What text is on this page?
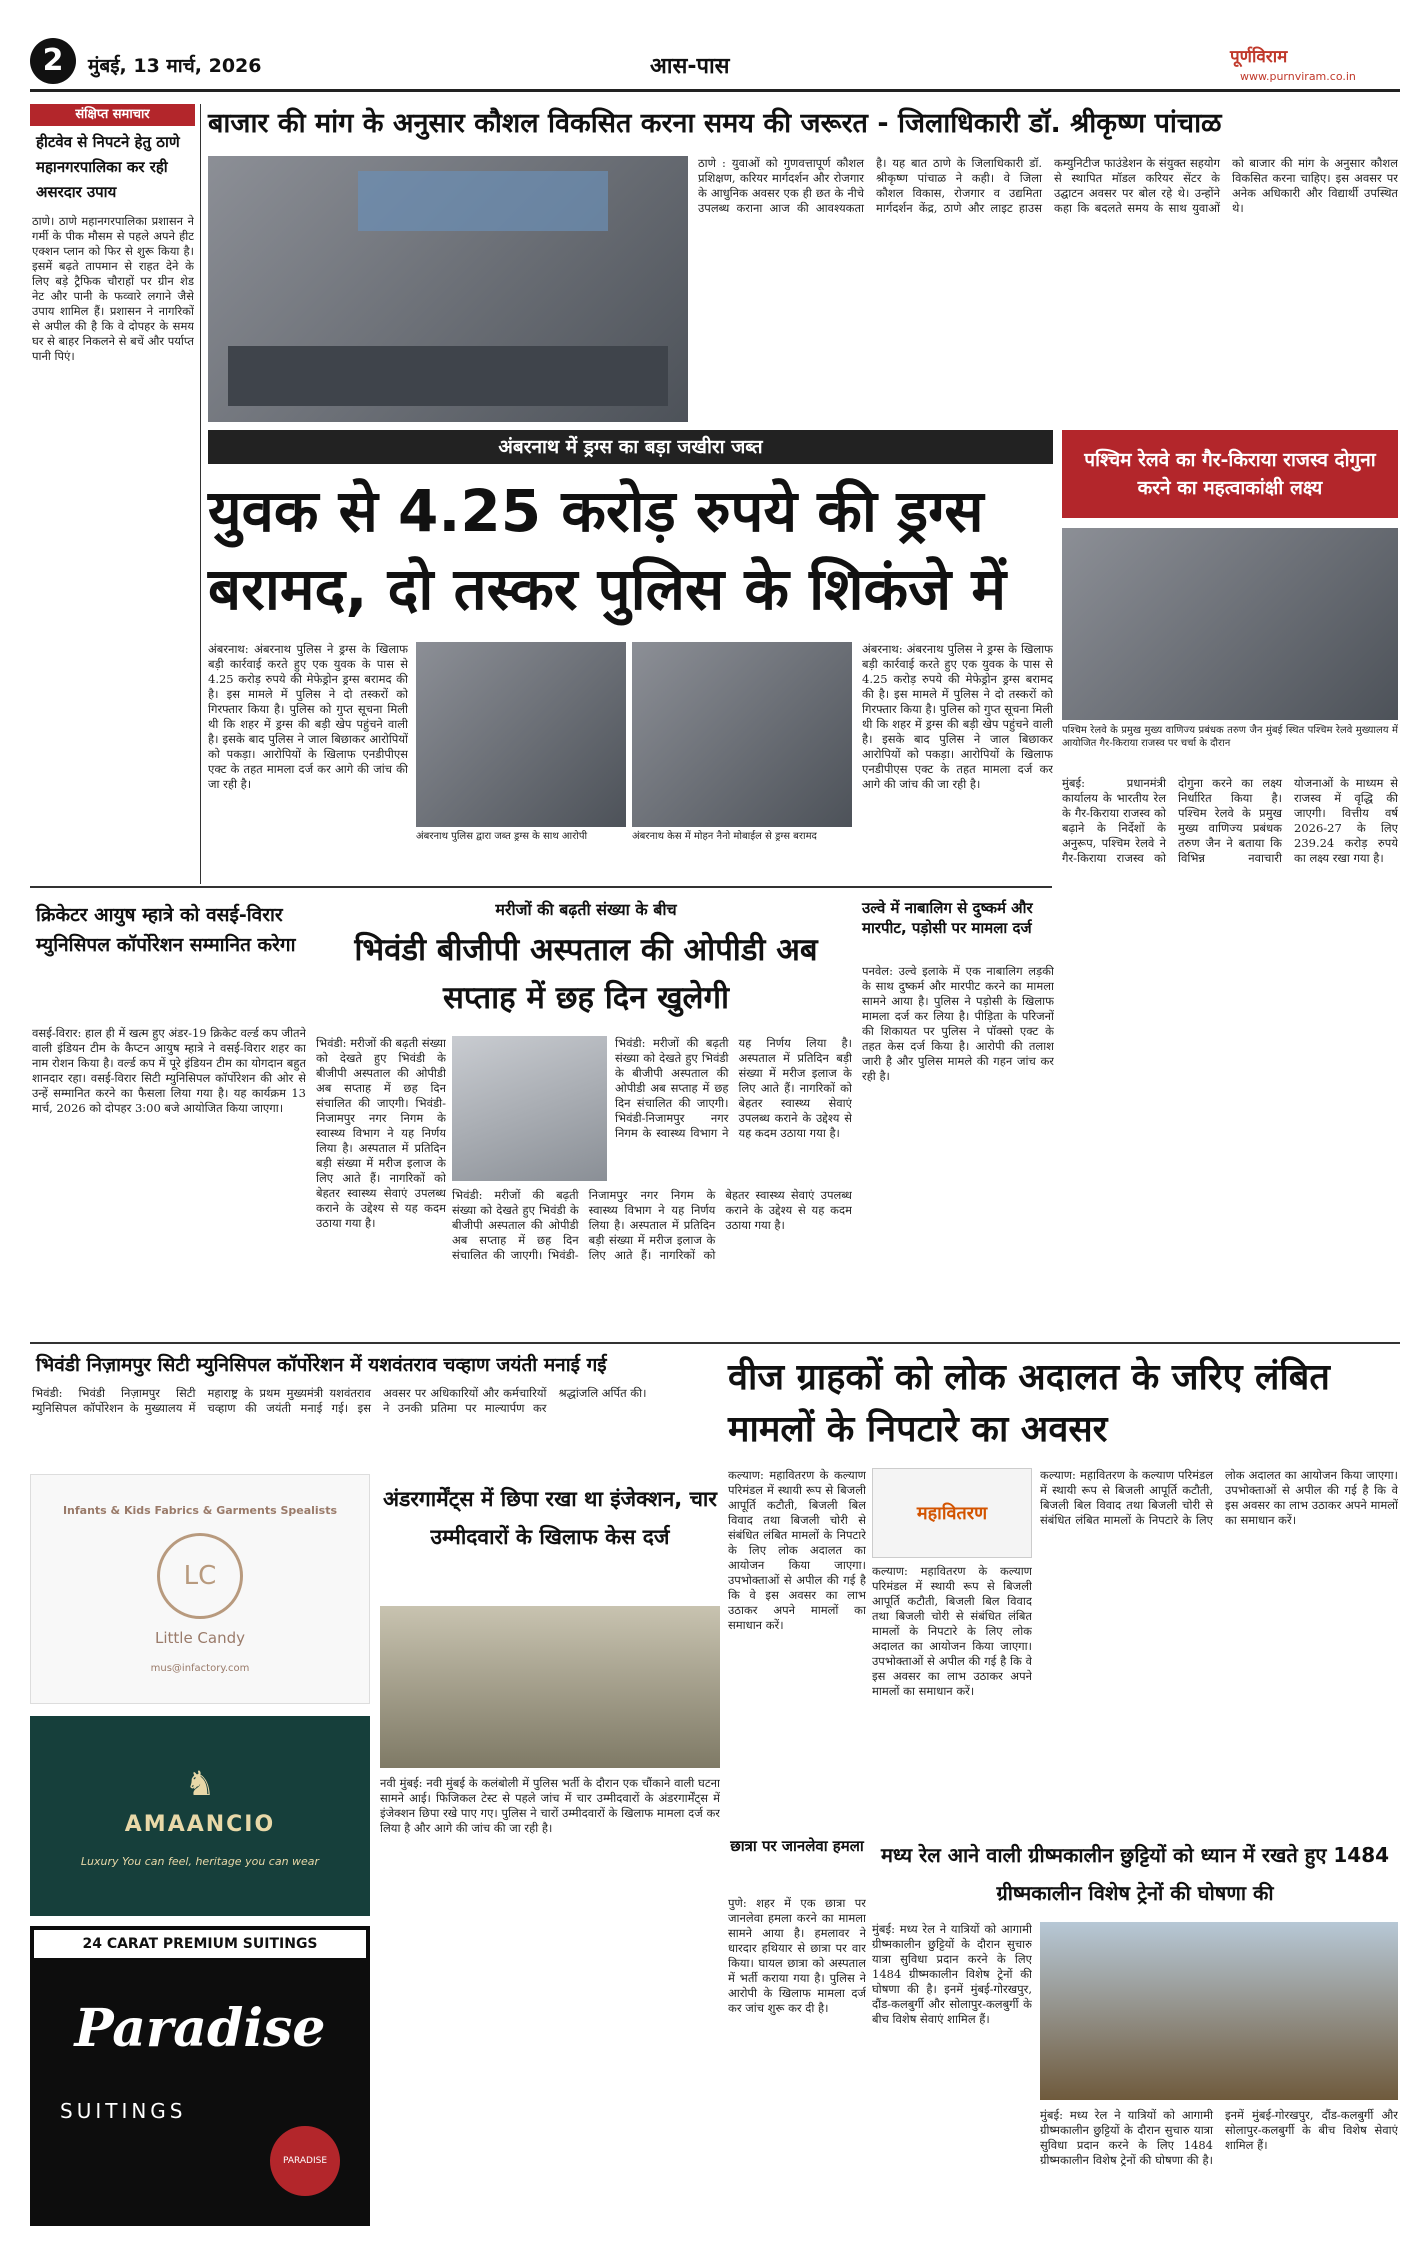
2	मुंबई, 13 मार्च, 2026	आस-पास	पूर्णविराम
www.purnviram.co.in
संक्षिप्त समाचार
हीटवेव से निपटने हेतु ठाणे महानगरपालिका कर रही असरदार उपाय
ठाणे। ठाणे महानगरपालिका प्रशासन ने गर्मी के पीक मौसम से पहले अपने हीट एक्शन प्लान को फिर से शुरू किया है। इसमें बढ़ते तापमान से राहत देने के लिए बड़े ट्रैफिक चौराहों पर ग्रीन शेड नेट और पानी के फव्वारे लगाने जैसे उपाय शामिल हैं। प्रशासन ने नागरिकों से अपील की है कि वे दोपहर के समय घर से बाहर निकलने से बचें और पर्याप्त पानी पिएं।
बाजार की मांग के अनुसार कौशल विकसित करना समय की जरूरत - जिलाधिकारी डॉ. श्रीकृष्ण पांचाळ
ठाणे : युवाओं को गुणवत्तापूर्ण कौशल प्रशिक्षण, करियर मार्गदर्शन और रोजगार के आधुनिक अवसर एक ही छत के नीचे उपलब्ध कराना आज की आवश्यकता है। यह बात ठाणे के जिलाधिकारी डॉ. श्रीकृष्ण पांचाळ ने कही। वे जिला कौशल विकास, रोजगार व उद्यमिता मार्गदर्शन केंद्र, ठाणे और लाइट हाउस कम्युनिटीज फाउंडेशन के संयुक्त सहयोग से स्थापित मॉडल करियर सेंटर के उद्घाटन अवसर पर बोल रहे थे। उन्होंने कहा कि बदलते समय के साथ युवाओं को बाजार की मांग के अनुसार कौशल विकसित करना चाहिए। इस अवसर पर अनेक अधिकारी और विद्यार्थी उपस्थित थे।
अंबरनाथ में ड्रग्स का बड़ा जखीरा जब्त
युवक से 4.25 करोड़ रुपये की ड्रग्स बरामद, दो तस्कर पुलिस के शिकंजे में
अंबरनाथ: अंबरनाथ पुलिस ने ड्रग्स के खिलाफ बड़ी कार्रवाई करते हुए एक युवक के पास से 4.25 करोड़ रुपये की मेफेड्रोन ड्रग्स बरामद की है। इस मामले में पुलिस ने दो तस्करों को गिरफ्तार किया है। पुलिस को गुप्त सूचना मिली थी कि शहर में ड्रग्स की बड़ी खेप पहुंचने वाली है। इसके बाद पुलिस ने जाल बिछाकर आरोपियों को पकड़ा। आरोपियों के खिलाफ एनडीपीएस एक्ट के तहत मामला दर्ज कर आगे की जांच की जा रही है।
अंबरनाथ पुलिस द्वारा जब्त ड्रग्स के साथ आरोपी	अंबरनाथ केस में मोहन नैनो मोबाईल से ड्रग्स बरामद
अंबरनाथ: अंबरनाथ पुलिस ने ड्रग्स के खिलाफ बड़ी कार्रवाई करते हुए एक युवक के पास से 4.25 करोड़ रुपये की मेफेड्रोन ड्रग्स बरामद की है। इस मामले में पुलिस ने दो तस्करों को गिरफ्तार किया है। पुलिस को गुप्त सूचना मिली थी कि शहर में ड्रग्स की बड़ी खेप पहुंचने वाली है। इसके बाद पुलिस ने जाल बिछाकर आरोपियों को पकड़ा। आरोपियों के खिलाफ एनडीपीएस एक्ट के तहत मामला दर्ज कर आगे की जांच की जा रही है।
पश्चिम रेलवे का गैर-किराया राजस्व दोगुना करने का महत्वाकांक्षी लक्ष्य
पश्चिम रेलवे के प्रमुख मुख्य वाणिज्य प्रबंधक तरुण जैन मुंबई स्थित पश्चिम रेलवे मुख्यालय में आयोजित गैर-किराया राजस्व पर चर्चा के दौरान
मुंबई: प्रधानमंत्री कार्यालय के भारतीय रेल के गैर-किराया राजस्व को बढ़ाने के निर्देशों के अनुरूप, पश्चिम रेलवे ने गैर-किराया राजस्व को दोगुना करने का लक्ष्य निर्धारित किया है। पश्चिम रेलवे के प्रमुख मुख्य वाणिज्य प्रबंधक तरुण जैन ने बताया कि विभिन्न नवाचारी योजनाओं के माध्यम से राजस्व में वृद्धि की जाएगी। वित्तीय वर्ष 2026-27 के लिए 239.24 करोड़ रुपये का लक्ष्य रखा गया है।
क्रिकेटर आयुष म्हात्रे को वसई-विरार म्युनिसिपल कॉर्पोरेशन सम्मानित करेगा
वसई-विरार: हाल ही में खत्म हुए अंडर-19 क्रिकेट वर्ल्ड कप जीतने वाली इंडियन टीम के कैप्टन आयुष म्हात्रे ने वसई-विरार शहर का नाम रोशन किया है। वर्ल्ड कप में पूरे इंडियन टीम का योगदान बहुत शानदार रहा। वसई-विरार सिटी म्युनिसिपल कॉर्पोरेशन की ओर से उन्हें सम्मानित करने का फैसला लिया गया है। यह कार्यक्रम 13 मार्च, 2026 को दोपहर 3:00 बजे आयोजित किया जाएगा।
मरीजों की बढ़ती संख्या के बीच
भिवंडी बीजीपी अस्पताल की ओपीडी अब सप्ताह में छह दिन खुलेगी
भिवंडी: मरीजों की बढ़ती संख्या को देखते हुए भिवंडी के बीजीपी अस्पताल की ओपीडी अब सप्ताह में छह दिन संचालित की जाएगी। भिवंडी-निजामपुर नगर निगम के स्वास्थ्य विभाग ने यह निर्णय लिया है। अस्पताल में प्रतिदिन बड़ी संख्या में मरीज इलाज के लिए आते हैं। नागरिकों को बेहतर स्वास्थ्य सेवाएं उपलब्ध कराने के उद्देश्य से यह कदम उठाया गया है।
भिवंडी: मरीजों की बढ़ती संख्या को देखते हुए भिवंडी के बीजीपी अस्पताल की ओपीडी अब सप्ताह में छह दिन संचालित की जाएगी। भिवंडी-निजामपुर नगर निगम के स्वास्थ्य विभाग ने यह निर्णय लिया है। अस्पताल में प्रतिदिन बड़ी संख्या में मरीज इलाज के लिए आते हैं। नागरिकों को बेहतर स्वास्थ्य सेवाएं उपलब्ध कराने के उद्देश्य से यह कदम उठाया गया है।
भिवंडी: मरीजों की बढ़ती संख्या को देखते हुए भिवंडी के बीजीपी अस्पताल की ओपीडी अब सप्ताह में छह दिन संचालित की जाएगी। भिवंडी-निजामपुर नगर निगम के स्वास्थ्य विभाग ने यह निर्णय लिया है। अस्पताल में प्रतिदिन बड़ी संख्या में मरीज इलाज के लिए आते हैं। नागरिकों को बेहतर स्वास्थ्य सेवाएं उपलब्ध कराने के उद्देश्य से यह कदम उठाया गया है।
उल्वे में नाबालिग से दुष्कर्म और मारपीट, पड़ोसी पर मामला दर्ज
पनवेल: उल्वे इलाके में एक नाबालिग लड़की के साथ दुष्कर्म और मारपीट करने का मामला सामने आया है। पुलिस ने पड़ोसी के खिलाफ मामला दर्ज कर लिया है। पीड़िता के परिजनों की शिकायत पर पुलिस ने पॉक्सो एक्ट के तहत केस दर्ज किया है। आरोपी की तलाश जारी है और पुलिस मामले की गहन जांच कर रही है।
भिवंडी निज़ामपुर सिटी म्युनिसिपल कॉर्पोरेशन में यशवंतराव चव्हाण जयंती मनाई गई
भिवंडी: भिवंडी निज़ामपुर सिटी म्युनिसिपल कॉर्पोरेशन के मुख्यालय में महाराष्ट्र के प्रथम मुख्यमंत्री यशवंतराव चव्हाण की जयंती मनाई गई। इस अवसर पर अधिकारियों और कर्मचारियों ने उनकी प्रतिमा पर माल्यार्पण कर श्रद्धांजलि अर्पित की।	वीज ग्राहकों को लोक अदालत के जरिए लंबित मामलों के निपटारे का अवसर
कल्याण: महावितरण के कल्याण परिमंडल में स्थायी रूप से बिजली आपूर्ति कटौती, बिजली बिल विवाद तथा बिजली चोरी से संबंधित लंबित मामलों के निपटारे के लिए लोक अदालत का आयोजन किया जाएगा। उपभोक्ताओं से अपील की गई है कि वे इस अवसर का लाभ उठाकर अपने मामलों का समाधान करें।
महावितरण
कल्याण: महावितरण के कल्याण परिमंडल में स्थायी रूप से बिजली आपूर्ति कटौती, बिजली बिल विवाद तथा बिजली चोरी से संबंधित लंबित मामलों के निपटारे के लिए लोक अदालत का आयोजन किया जाएगा। उपभोक्ताओं से अपील की गई है कि वे इस अवसर का लाभ उठाकर अपने मामलों का समाधान करें।
कल्याण: महावितरण के कल्याण परिमंडल में स्थायी रूप से बिजली आपूर्ति कटौती, बिजली बिल विवाद तथा बिजली चोरी से संबंधित लंबित मामलों के निपटारे के लिए लोक अदालत का आयोजन किया जाएगा। उपभोक्ताओं से अपील की गई है कि वे इस अवसर का लाभ उठाकर अपने मामलों का समाधान करें।
Infants & Kids Fabrics & Garments Spealists
LC
Little Candy
mus@infactory.com
♞
AMAANCIO
Luxury You can feel, heritage you can wear
24 CARAT PREMIUM SUITINGS
Paradise
SUITINGS
PARADISE
अंडरगार्मेंट्स में छिपा रखा था इंजेक्शन, चार उम्मीदवारों के खिलाफ केस दर्ज
नवी मुंबई: नवी मुंबई के कलंबोली में पुलिस भर्ती के दौरान एक चौंकाने वाली घटना सामने आई। फिजिकल टेस्ट से पहले जांच में चार उम्मीदवारों के अंडरगार्मेंट्स में इंजेक्शन छिपा रखे पाए गए। पुलिस ने चारों उम्मीदवारों के खिलाफ मामला दर्ज कर लिया है और आगे की जांच की जा रही है।
छात्रा पर जानलेवा हमला
पुणे: शहर में एक छात्रा पर जानलेवा हमला करने का मामला सामने आया है। हमलावर ने धारदार हथियार से छात्रा पर वार किया। घायल छात्रा को अस्पताल में भर्ती कराया गया है। पुलिस ने आरोपी के खिलाफ मामला दर्ज कर जांच शुरू कर दी है।
मध्य रेल आने वाली ग्रीष्मकालीन छुट्टियों को ध्यान में रखते हुए 1484 ग्रीष्मकालीन विशेष ट्रेनों की घोषणा की
मुंबई: मध्य रेल ने यात्रियों को आगामी ग्रीष्मकालीन छुट्टियों के दौरान सुचारु यात्रा सुविधा प्रदान करने के लिए 1484 ग्रीष्मकालीन विशेष ट्रेनों की घोषणा की है। इनमें मुंबई-गोरखपुर, दौंड-कलबुर्गी और सोलापुर-कलबुर्गी के बीच विशेष सेवाएं शामिल हैं।
मुंबई: मध्य रेल ने यात्रियों को आगामी ग्रीष्मकालीन छुट्टियों के दौरान सुचारु यात्रा सुविधा प्रदान करने के लिए 1484 ग्रीष्मकालीन विशेष ट्रेनों की घोषणा की है। इनमें मुंबई-गोरखपुर, दौंड-कलबुर्गी और सोलापुर-कलबुर्गी के बीच विशेष सेवाएं शामिल हैं।
